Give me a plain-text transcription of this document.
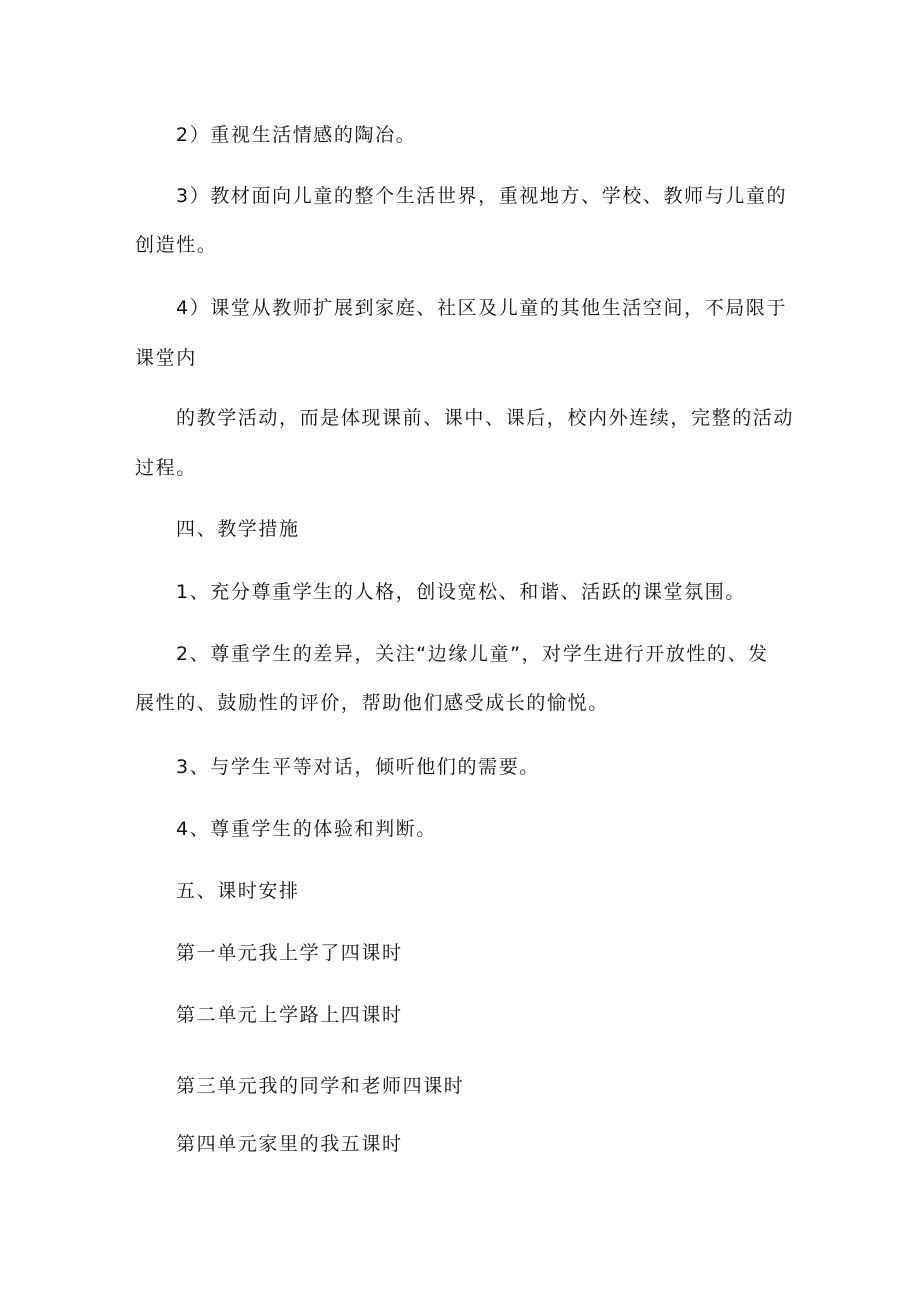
2）重视生活情感的陶冶。

3）教材面向儿童的整个生活世界，重视地方、学校、教师与儿童的

创造性。

4）课堂从教师扩展到家庭、社区及儿童的其他生活空间，不局限于

课堂内

的教学活动，而是体现课前、课中、课后，校内外连续，完整的活动

过程。

四、教学措施

1、充分尊重学生的人格，创设宽松、和谐、活跃的课堂氛围。

2、尊重学生的差异，关注“边缘儿童”，对学生进行开放性的、发

展性的、鼓励性的评价，帮助他们感受成长的愉悦。

3、与学生平等对话，倾听他们的需要。

4、尊重学生的体验和判断。

五、课时安排

第一单元我上学了四课时

第二单元上学路上四课时

第三单元我的同学和老师四课时

第四单元家里的我五课时
